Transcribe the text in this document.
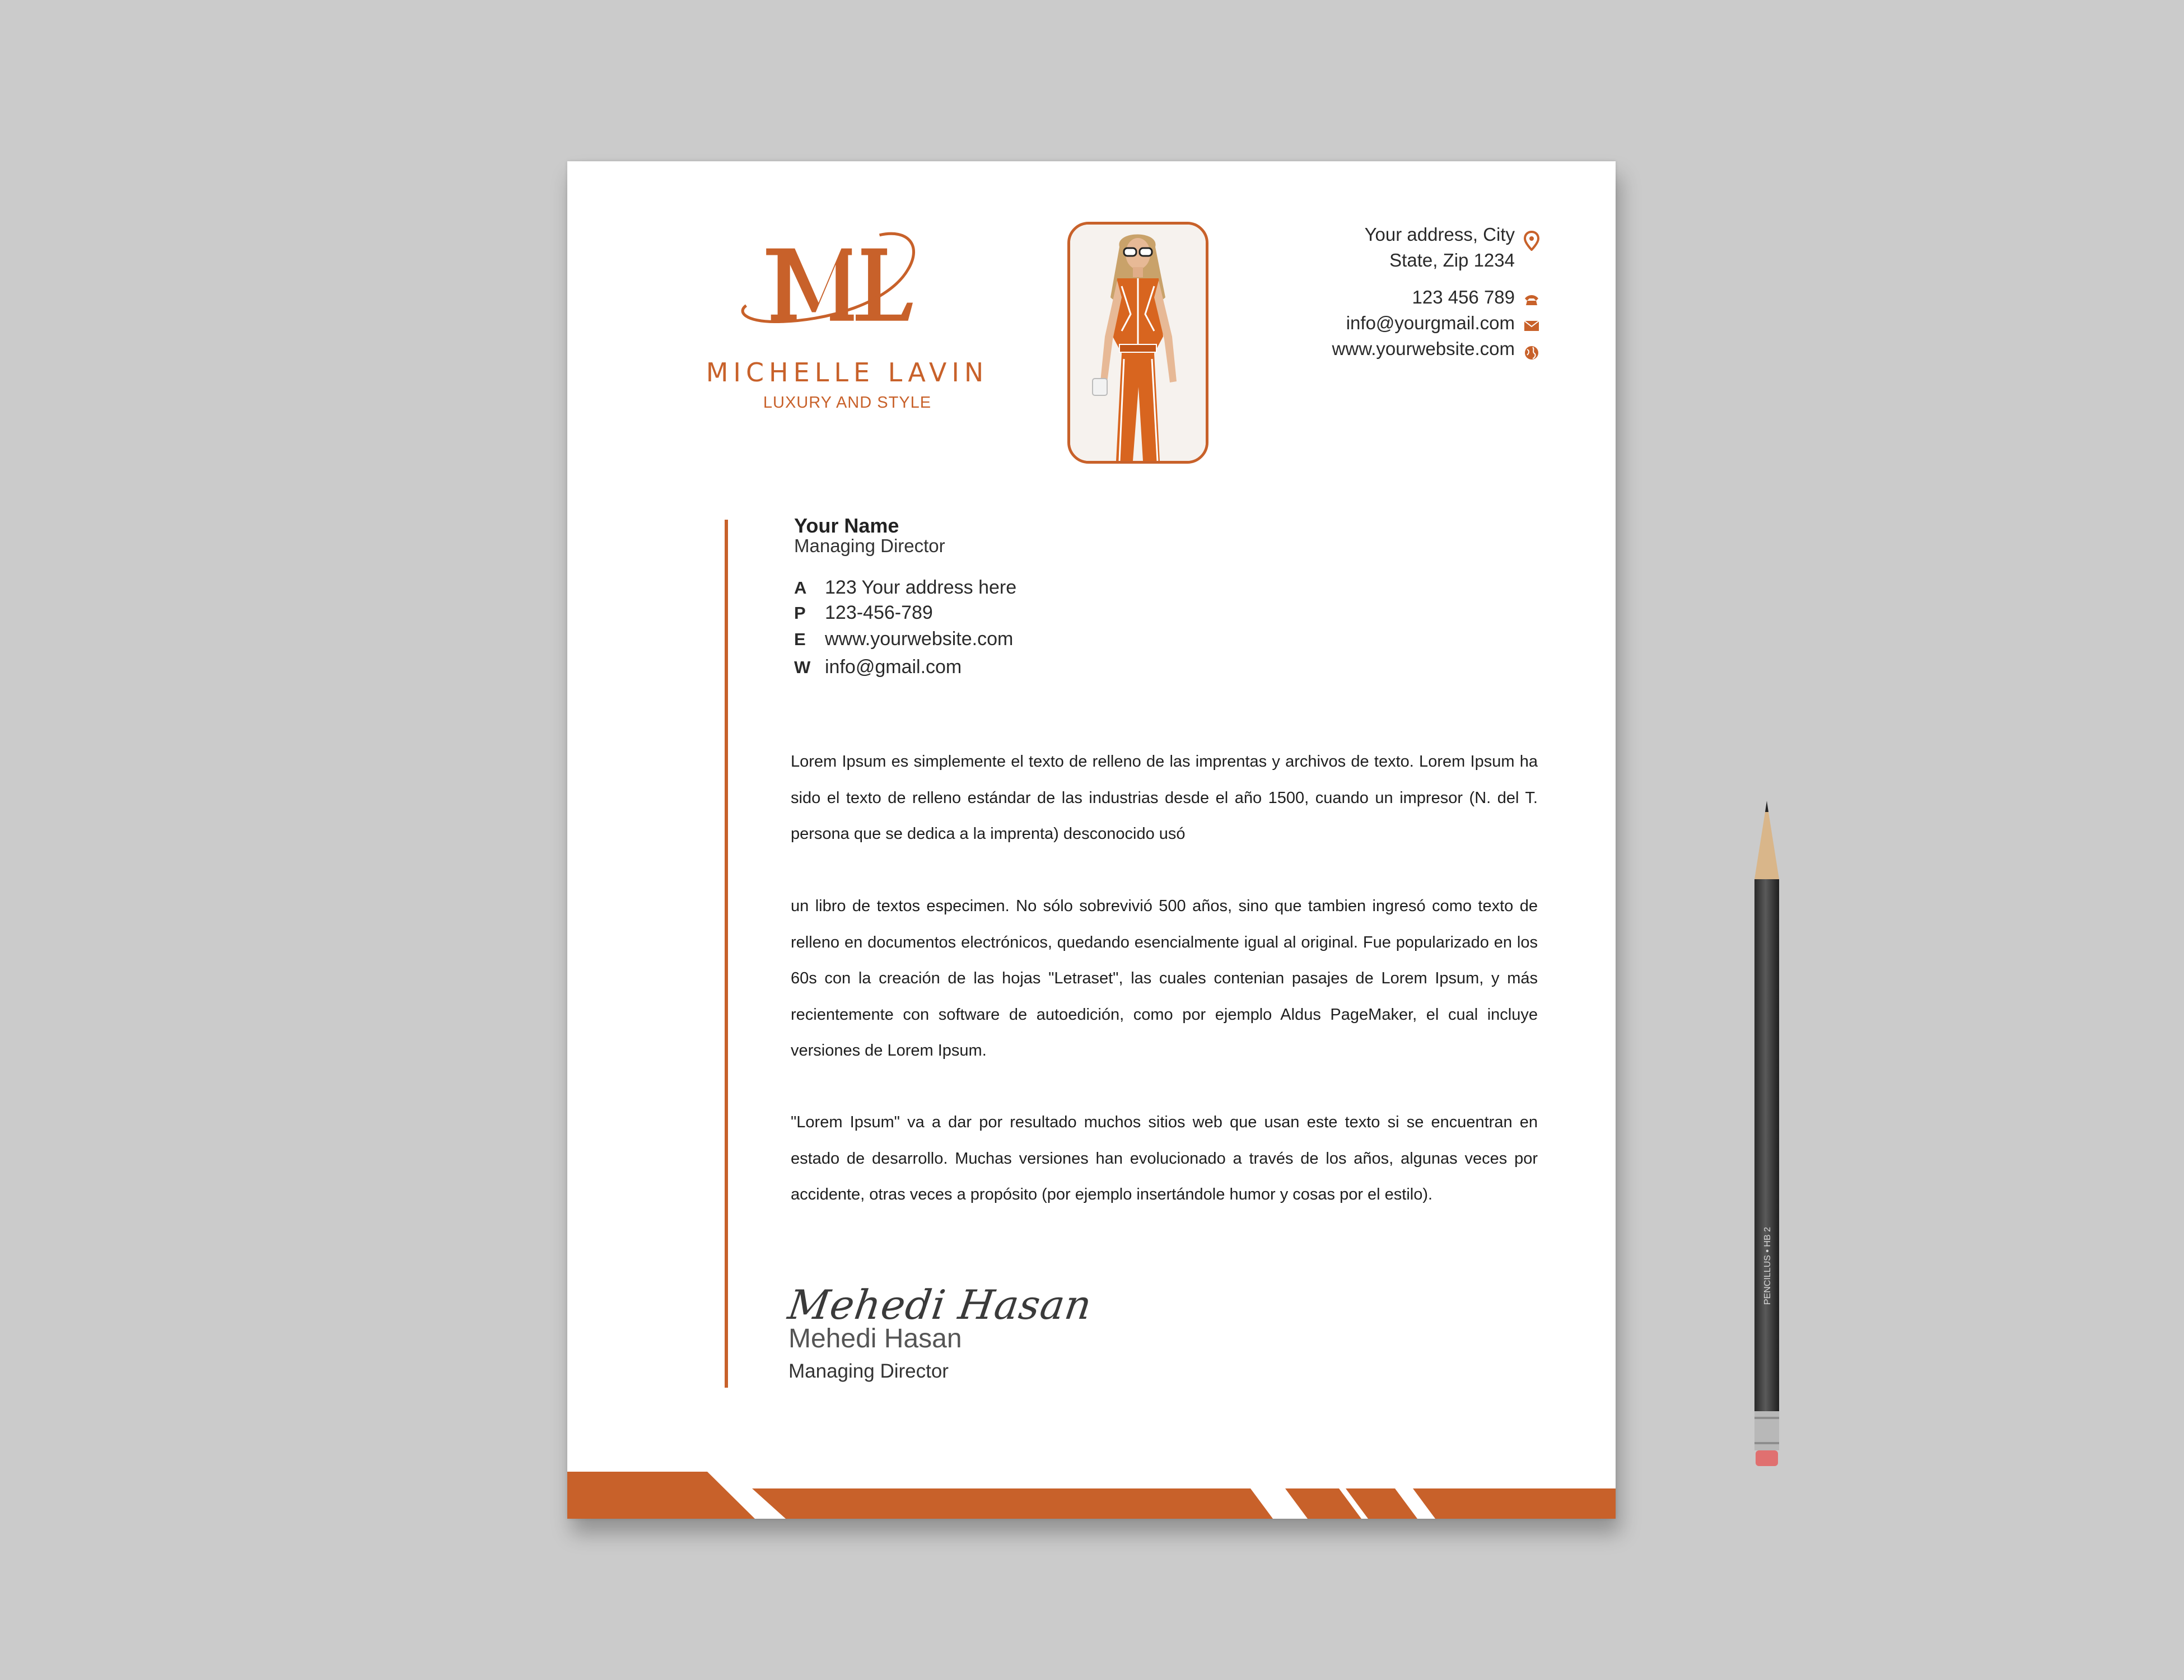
MICHELLE LAVIN
LUXURY AND STYLE
Your address, City
State, Zip 1234
123 456 789
info@yourgmail.com
www.yourwebsite.com
Your Name
Managing Director
A 123 Your address here
P 123-456-789
E www.yourwebsite.com
W info@gmail.com

Lorem Ipsum es simplemente el texto de relleno de las imprentas y archivos de texto. Lorem Ipsum ha sido el texto de relleno estándar de las industrias desde el año 1500, cuando un impresor (N. del T. persona que se dedica a la imprenta) desconocido usó

un libro de textos especimen. No sólo sobrevivió 500 años, sino que tambien ingresó como texto de relleno en documentos electrónicos, quedando esencialmente igual al original. Fue popularizado en los 60s con la creación de las hojas "Letraset", las cuales contenian pasajes de Lorem Ipsum, y más recientemente con software de autoedición, como por ejemplo Aldus PageMaker, el cual incluye versiones de Lorem Ipsum.

"Lorem Ipsum" va a dar por resultado muchos sitios web que usan este texto si se encuentran en estado de desarrollo. Muchas versiones han evolucionado a través de los años, algunas veces por accidente, otras veces a propósito (por ejemplo insertándole humor y cosas por el estilo).

Mehedi Hasan
Mehedi Hasan
Managing Director
PENCILLUS • HB 2
